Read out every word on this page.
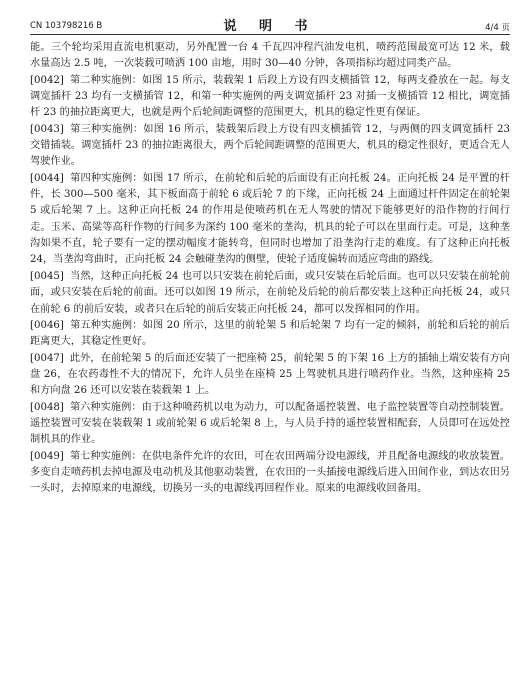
CN 103798216 B	说 明 书	4/4 页

能。三个轮均采用直流电机驱动，另外配置一台 4 千瓦四冲程汽油发电机，喷药范围最宽可达 12 米，载水量高达 2.5 吨，一次装载可喷洒 100 亩地，用时 30—40 分钟，各项指标均超过同类产品。

[0042] 第二种实施例：如图 15 所示，装载架 1 后段上方设有四支横插管 12，每两支叠放在一起。每支调宽插杆 23 均有一支横插管 12，和第一种实施例的两支调宽插杆 23 对插一支横插管 12 相比，调宽插杆 23 的抽拉距离更大，也就是两个后轮间距调整的范围更大，机具的稳定性更有保证。

[0043] 第三种实施例：如图 16 所示，装载架后段上方设有四支横插管 12，与两侧的四支调宽插杆 23 交错插装。调宽插杆 23 的抽拉距离很大，两个后轮间距调整的范围更大，机具的稳定性很好，更适合无人驾驶作业。

[0044] 第四种实施例：如图 17 所示，在前轮和后轮的后面设有正向托板 24。正向托板 24 是平置的杆件，长 300—500 毫米，其下板面高于前轮 6 或后轮 7 的下缘，正向托板 24 上面通过杆件固定在前轮架 5 或后轮架 7 上。这种正向托板 24 的作用是使喷药机在无人驾驶的情况下能够更好的沿作物的行间行走。玉米、高粱等高秆作物的行间多为深约 100 毫米的垄沟，机具的轮子可以在里面行走。可是，这种垄沟如果不直，轮子要有一定的摆动幅度才能转弯，但同时也增加了沿垄沟行走的难度。有了这种正向托板 24，当垄沟弯曲时，正向托板 24 会触碰垄沟的侧壁，使轮子适度偏转而适应弯曲的路线。

[0045] 当然，这种正向托板 24 也可以只安装在前轮后面，或只安装在后轮后面。也可以只安装在前轮前面，或只安装在后轮的前面。还可以如图 19 所示，在前轮及后轮的前后都安装上这种正向托板 24，或只在前轮 6 的前后安装，或者只在后轮的前后安装正向托板 24，都可以发挥相同的作用。

[0046] 第五种实施例：如图 20 所示，这里的前轮架 5 和后轮架 7 均有一定的倾斜，前轮和后轮的前后距离更大，其稳定性更好。

[0047] 此外，在前轮架 5 的后面还安装了一把座椅 25，前轮架 5 的下架 16 上方的插轴上端安装有方向盘 26，在农药毒性不大的情况下，允许人员坐在座椅 25 上驾驶机具进行喷药作业。当然，这种座椅 25 和方向盘 26 还可以安装在装载架 1 上。

[0048] 第六种实施例：由于这种喷药机以电为动力，可以配备遥控装置、电子监控装置等自动控制装置。遥控装置可安装在装载架 1 或前轮架 6 或后轮架 8 上，与人员手持的遥控装置相配套，人员即可在远处控制机具的作业。

[0049] 第七种实施例：在供电条件允许的农田，可在农田两端分设电源线，并且配备电源线的收放装置。多变自走喷药机去掉电源及电动机及其他驱动装置，在农田的一头插接电源线后进入田间作业，到达农田另一头时，去掉原来的电源线，切换另一头的电源线再回程作业。原来的电源线收回备用。
